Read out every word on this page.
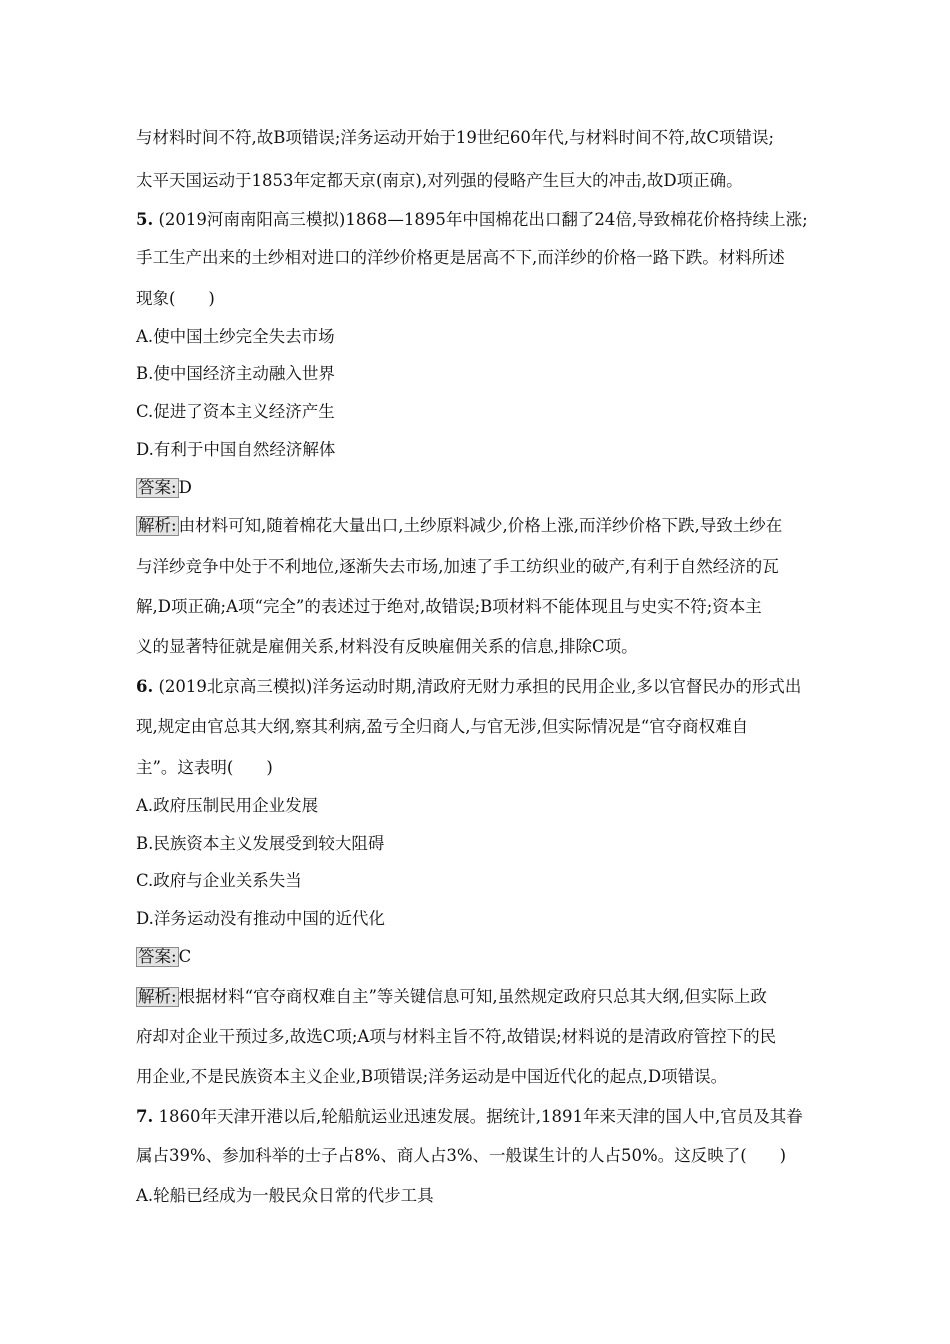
与材料时间不符,故B项错误;洋务运动开始于19世纪60年代,与材料时间不符,故C项错误;
太平天国运动于1853年定都天京(南京),对列强的侵略产生巨大的冲击,故D项正确。
5. (2019河南南阳高三模拟)1868—1895年中国棉花出口翻了24倍,导致棉花价格持续上涨;
手工生产出来的土纱相对进口的洋纱价格更是居高不下,而洋纱的价格一路下跌。材料所述
现象(　　)
A.使中国土纱完全失去市场
B.使中国经济主动融入世界
C.促进了资本主义经济产生
D.有利于中国自然经济解体
答案: D
解析: 由材料可知,随着棉花大量出口,土纱原料减少,价格上涨,而洋纱价格下跌,导致土纱在
与洋纱竞争中处于不利地位,逐渐失去市场,加速了手工纺织业的破产,有利于自然经济的瓦
解,D项正确;A项“完全”的表述过于绝对,故错误;B项材料不能体现且与史实不符;资本主
义的显著特征就是雇佣关系,材料没有反映雇佣关系的信息,排除C项。
6. (2019北京高三模拟)洋务运动时期,清政府无财力承担的民用企业,多以官督民办的形式出
现,规定由官总其大纲,察其利病,盈亏全归商人,与官无涉,但实际情况是“官夺商权难自
主”。这表明(　　)
A.政府压制民用企业发展
B.民族资本主义发展受到较大阻碍
C.政府与企业关系失当
D.洋务运动没有推动中国的近代化
答案: C
解析: 根据材料“官夺商权难自主”等关键信息可知,虽然规定政府只总其大纲,但实际上政
府却对企业干预过多,故选C项;A项与材料主旨不符,故错误;材料说的是清政府管控下的民
用企业,不是民族资本主义企业,B项错误;洋务运动是中国近代化的起点,D项错误。
7. 1860年天津开港以后,轮船航运业迅速发展。据统计,1891年来天津的国人中,官员及其眷
属占39%、参加科举的士子占8%、商人占3%、一般谋生计的人占50%。这反映了(　　)
A.轮船已经成为一般民众日常的代步工具
